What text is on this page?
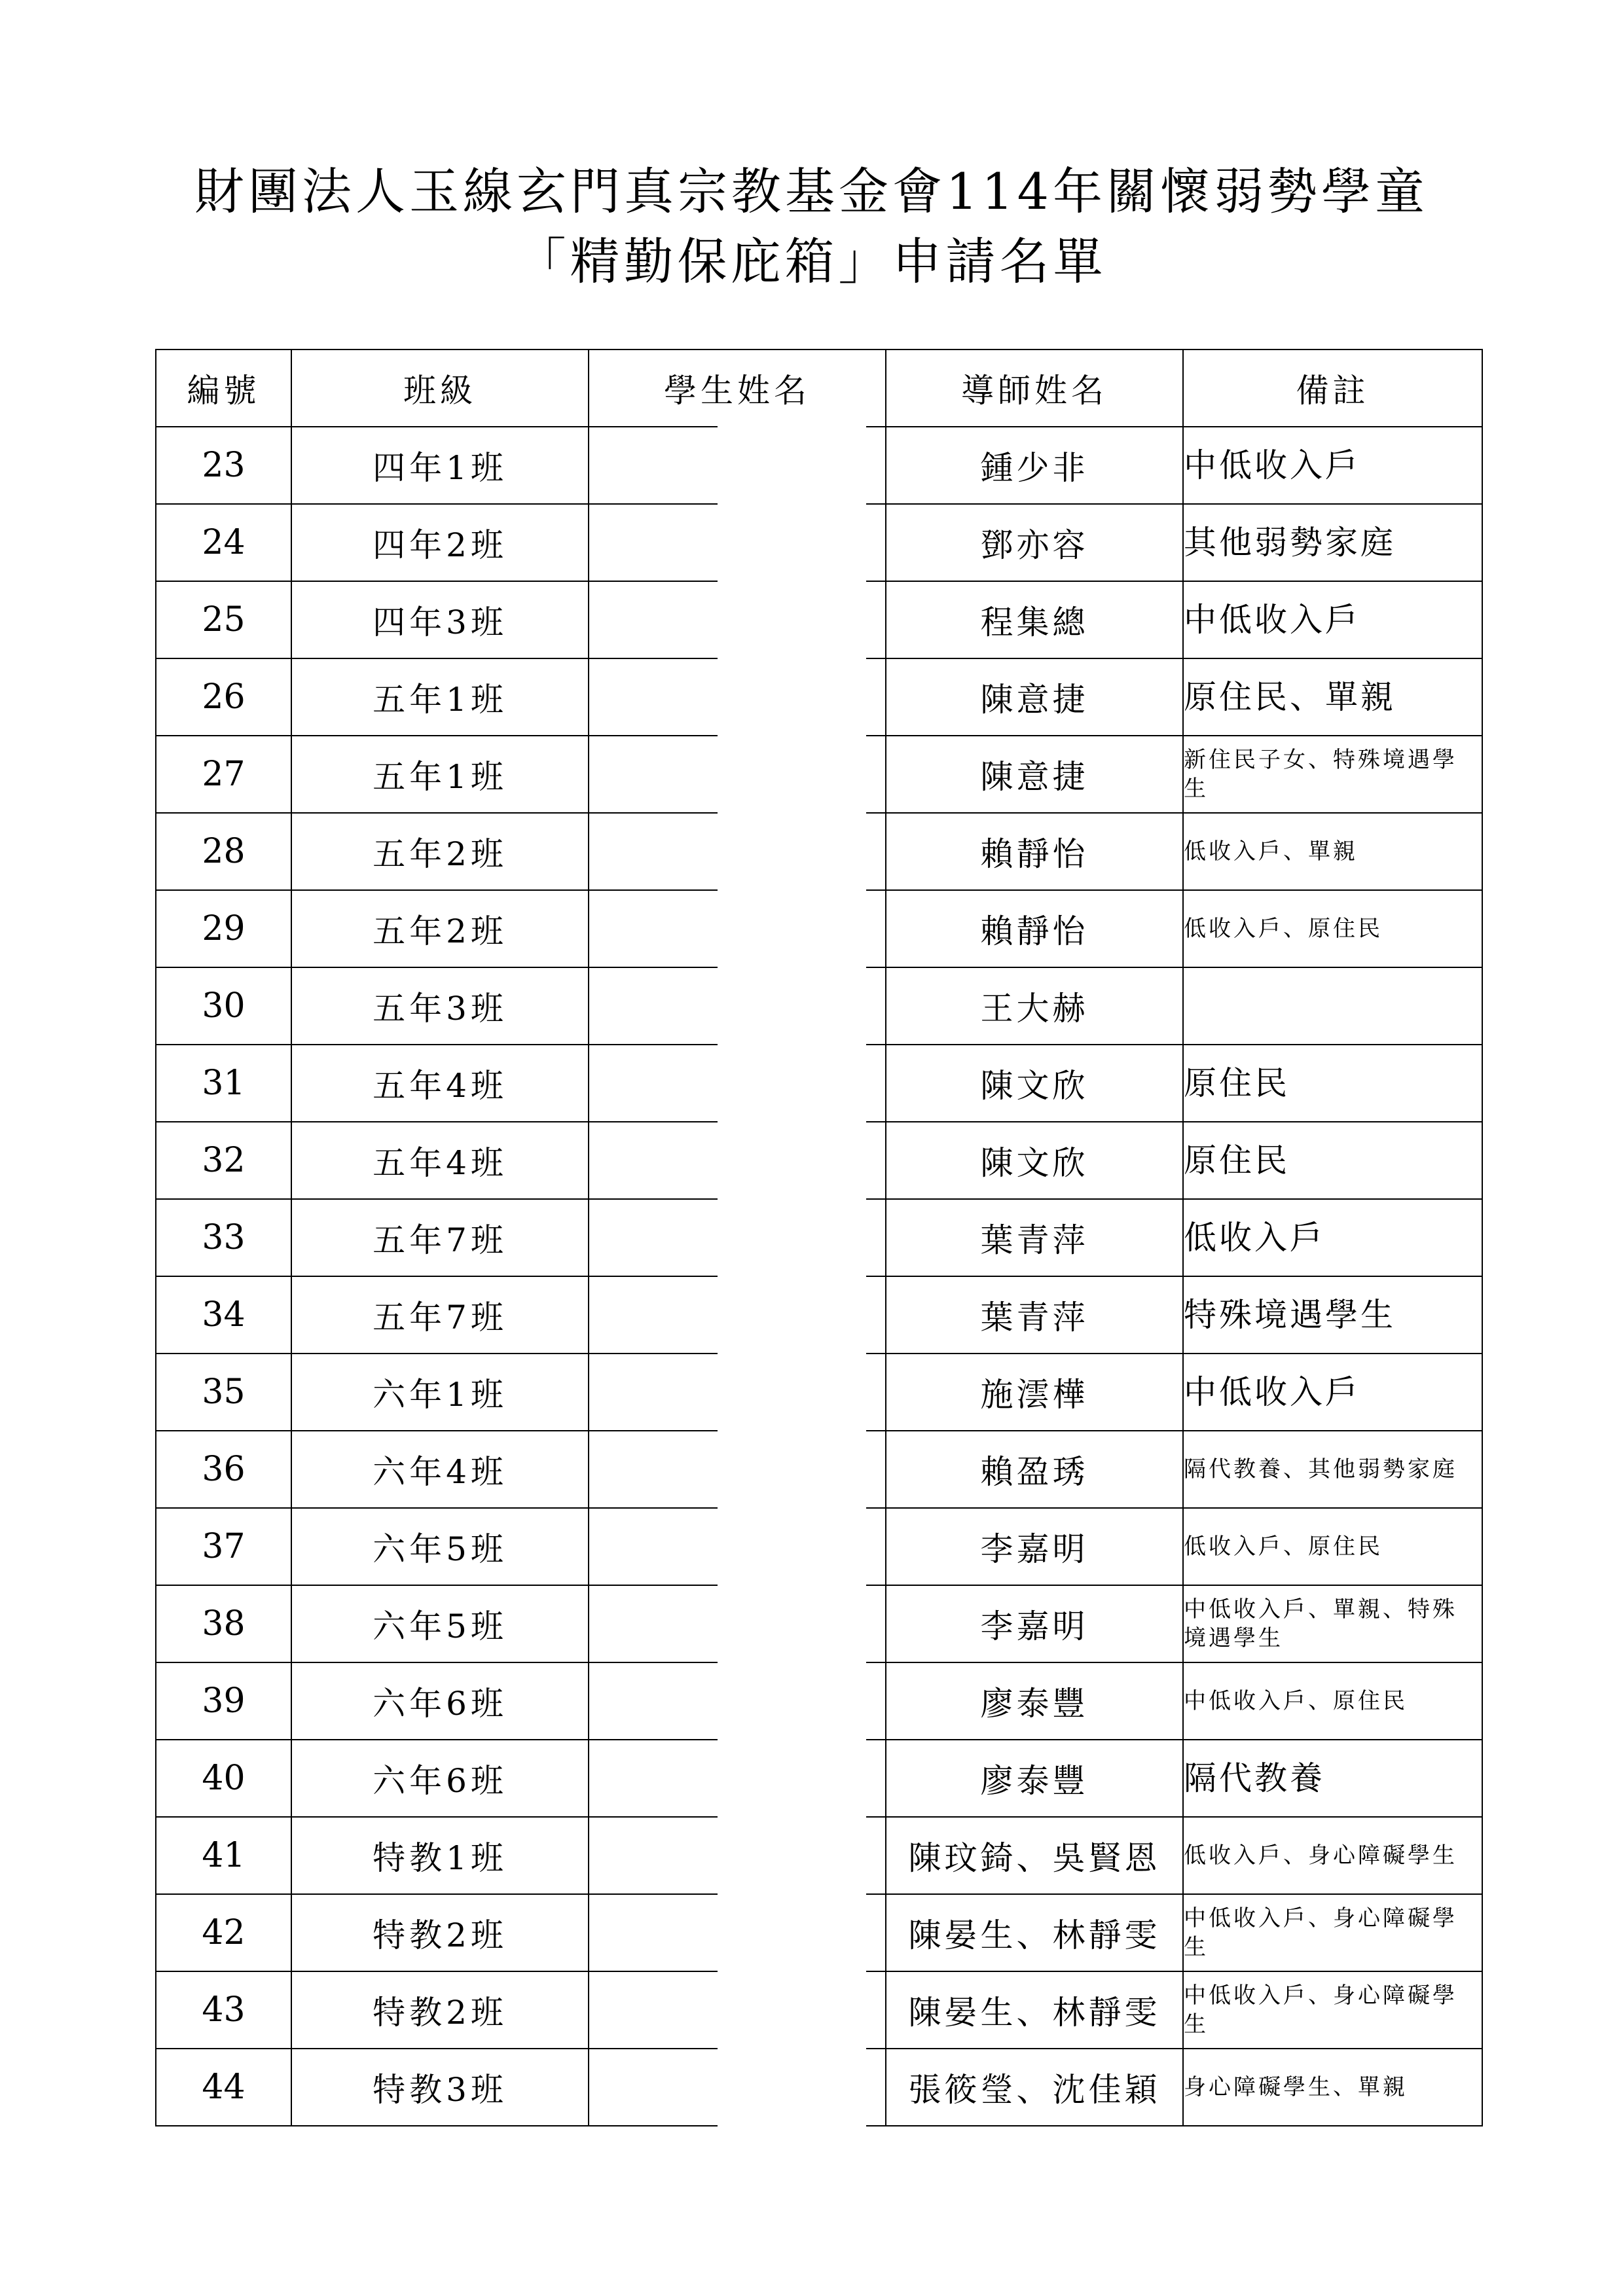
財團法人玉線玄門真宗教基金會114年關懷弱勢學童
「精勤保庇箱」申請名單
編號	班級	學生姓名	導師姓名	備註
23	四年1班		鍾少非	中低收入戶
24	四年2班		鄧亦容	其他弱勢家庭
25	四年3班		程集總	中低收入戶
26	五年1班		陳意捷	原住民、單親
27	五年1班		陳意捷	新住民子女、特殊境遇學生
28	五年2班		賴靜怡	低收入戶、單親
29	五年2班		賴靜怡	低收入戶、原住民
30	五年3班		王大赫	
31	五年4班		陳文欣	原住民
32	五年4班		陳文欣	原住民
33	五年7班		葉青萍	低收入戶
34	五年7班		葉青萍	特殊境遇學生
35	六年1班		施澐樺	中低收入戶
36	六年4班		賴盈琇	隔代教養、其他弱勢家庭
37	六年5班		李嘉明	低收入戶、原住民
38	六年5班		李嘉明	中低收入戶、單親、特殊境遇學生
39	六年6班		廖泰豐	中低收入戶、原住民
40	六年6班		廖泰豐	隔代教養
41	特教1班		陳玟錡、吳賢恩	低收入戶、身心障礙學生
42	特教2班		陳晏生、林靜雯	中低收入戶、身心障礙學生
43	特教2班		陳晏生、林靜雯	中低收入戶、身心障礙學生
44	特教3班		張筱瑩、沈佳穎	身心障礙學生、單親
